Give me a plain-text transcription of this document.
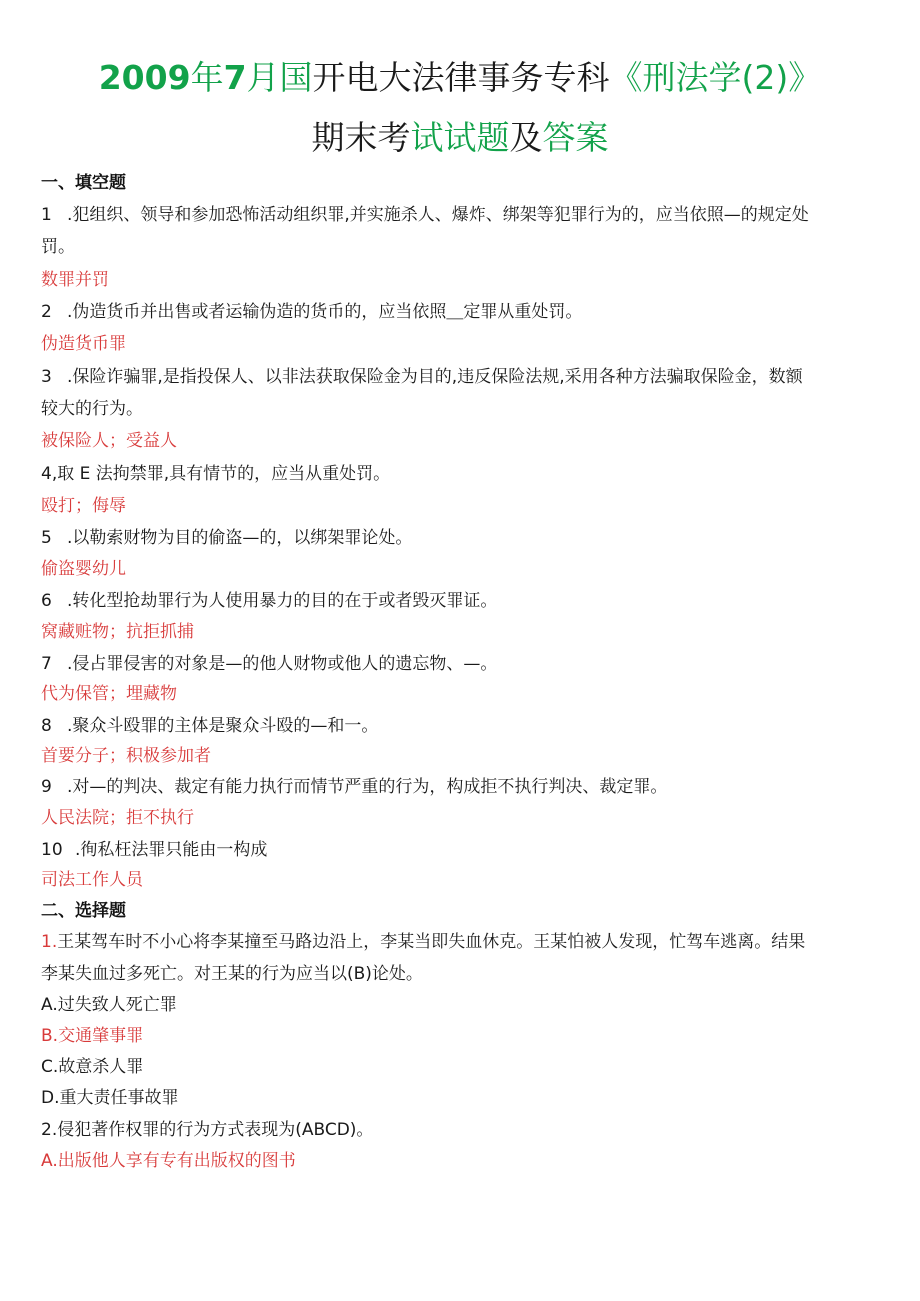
2009年7月国开电大法律事务专科《刑法学(2)》
期末考试试题及答案
一、填空题
1 .犯组织、领导和参加恐怖活动组织罪,并实施杀人、爆炸、绑架等犯罪行为的，应当依照—的规定处
罚。
数罪并罚
2 .伪造货币并出售或者运输伪造的货币的，应当依照＿定罪从重处罚。
伪造货币罪
3 .保险诈骗罪,是指投保人、以非法获取保险金为目的,违反保险法规,采用各种方法骗取保险金，数额
较大的行为。
被保险人；受益人
4,取 E 法拘禁罪,具有情节的，应当从重处罚。
殴打；侮辱
5 .以勒索财物为目的偷盗—的，以绑架罪论处。
偷盗婴幼儿
6 .转化型抢劫罪行为人使用暴力的目的在于或者毁灭罪证。
窝藏赃物；抗拒抓捕
7 .侵占罪侵害的对象是—的他人财物或他人的遗忘物、—。
代为保管；埋藏物
8 .聚众斗殴罪的主体是聚众斗殴的—和一。
首要分子；积极参加者
9 .对—的判决、裁定有能力执行而情节严重的行为，构成拒不执行判决、裁定罪。
人民法院；拒不执行
10 .徇私枉法罪只能由一构成
司法工作人员
二、选择题
1.王某驾车时不小心将李某撞至马路边沿上，李某当即失血休克。王某怕被人发现，忙驾车逃离。结果
李某失血过多死亡。对王某的行为应当以(B)论处。
A.过失致人死亡罪
B.交通肇事罪
C.故意杀人罪
D.重大责任事故罪
2.侵犯著作权罪的行为方式表现为(ABCD)。
A.出版他人享有专有出版权的图书
